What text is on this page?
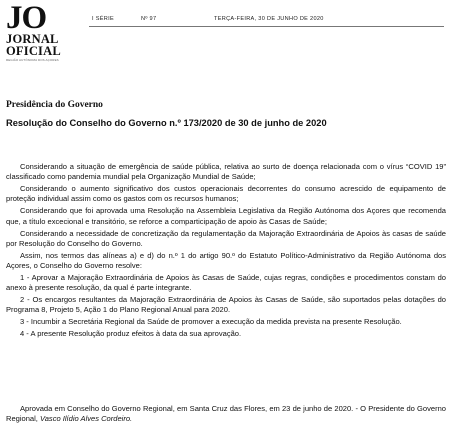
JO
JORNAL
OFICIAL
REGIÃO AUTÓNOMA DOS AÇORES
I SÉRIE	Nº 97	TERÇA-FEIRA, 30 DE JUNHO DE 2020
Presidência do Governo
Resolução do Conselho do Governo n.º 173/2020 de 30 de junho de 2020

Considerando a situação de emergência de saúde pública, relativa ao surto de doença relacionada com o vírus “COVID 19” classificado como pandemia mundial pela Organização Mundial de Saúde;

Considerando o aumento significativo dos custos operacionais decorrentes do consumo acrescido de equipamento de proteção individual assim como os gastos com os recursos humanos;

Considerando que foi aprovada uma Resolução na Assembleia Legislativa da Região Autónoma dos Açores que recomenda que, a título excecional e transitório, se reforce a comparticipação de apoio às Casas de Saúde;

Considerando a necessidade de concretização da regulamentação da Majoração Extraordinária de Apoios às casas de saúde por Resolução do Conselho do Governo.

Assim, nos termos das alíneas a) e d) do n.º 1 do artigo 90.º do Estatuto Político-Administrativo da Região Autónoma dos Açores, o Conselho do Governo resolve:

1 - Aprovar a Majoração Extraordinária de Apoios às Casas de Saúde, cujas regras, condições e procedimentos constam do anexo à presente resolução, da qual é parte integrante.

2 - Os encargos resultantes da Majoração Extraordinária de Apoios às Casas de Saúde, são suportados pelas dotações do Programa 8, Projeto 5, Ação 1 do Plano Regional Anual para 2020.

3 - Incumbir a Secretária Regional da Saúde de promover a execução da medida prevista na presente Resolução.

4 - A presente Resolução produz efeitos à data da sua aprovação.

Aprovada em Conselho do Governo Regional, em Santa Cruz das Flores, em 23 de junho de 2020. - O Presidente do Governo Regional, Vasco Ilídio Alves Cordeiro.
